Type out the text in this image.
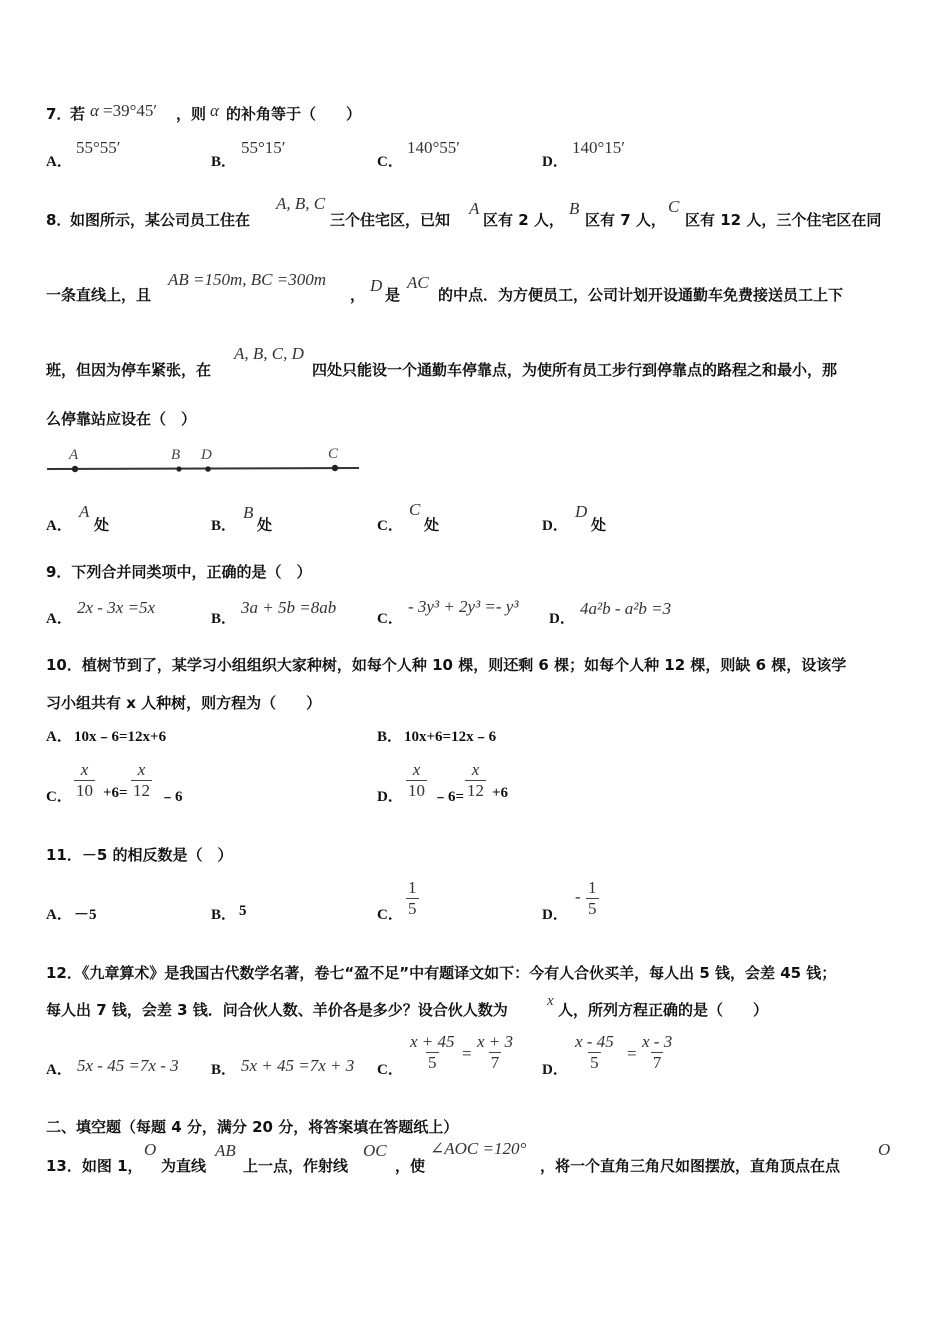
7．
若 α =39°45′ ，则 α 的补角等于（　　）
A．
55°55′
B．
55°15′
C．
140°55′
D．
140°15′
8．
如图所示，某公司员工住在
A, B, C
三个住宅区，已知
A
区有 2 人，
B
区有 7 人，
C
区有 12 人，三个住宅区在同
一条直线上，且
AB =150m, BC =300m
， D 是
AC
的中点．为方便员工，公司计划开设通勤车免费接送员工上下
班，但因为停车紧张，在
A, B, C, D
四处只能设一个通勤车停靠点，为使所有员工步行到停靠点的路程之和最小，那
么停靠站应设在（　）
A	B D	C
A．
A
处	B．
B
处	C．
C
处	D．
D
处
9．下列合并同类项中，正确的是（　）
A．
2x - 3x =5x
B．
3a + 5b =8ab
C．
- 3y³ + 2y³ =- y³
D．
4a²b - a²b =3
10．植树节到了，某学习小组组织大家种树，如每个人种 10 棵，则还剩 6 棵；如每个人种 12 棵，则缺 6 棵，设该学
习小组共有 x 人种树，则方程为（　　）
A． 10x﹣6=12x+6	B． 10x+6=12x﹣6
C． $\frac{x}{10} +6= \frac{x}{12}$ ﹣6	D． $\frac{x}{10}$ ﹣6= $\frac{x}{12} +6$
11．－5 的相反数是（　）
A． －5	B． 5	C． $\frac{1}{5}$	D．
- $\frac{1}{5}$
12．《九章算术》是我国古代数学名著，卷七“盈不足”中有题译文如下：今有人合伙买羊，每人出 5 钱，会差 45 钱；
每人出 7 钱，会差 3 钱．问合伙人数、羊价各是多少？设合伙人数为	x 人，所列方程正确的是（　　）
A． 5x - 45 =7x - 3 B． 5x + 45 =7x + 3 C． $\frac{x + 45}{5} = \frac{x + 3}{7}$ D． $\frac{x - 45}{5} = \frac{x - 3}{7}$
二、填空题（每题 4 分，满分 20 分，将答案填在答题纸上）
13．如图 1，
O
为直线
AB
上一点，作射线
OC
，使
∠AOC =120°
，将一个直角三角尺如图摆放，直角顶点在点
O
